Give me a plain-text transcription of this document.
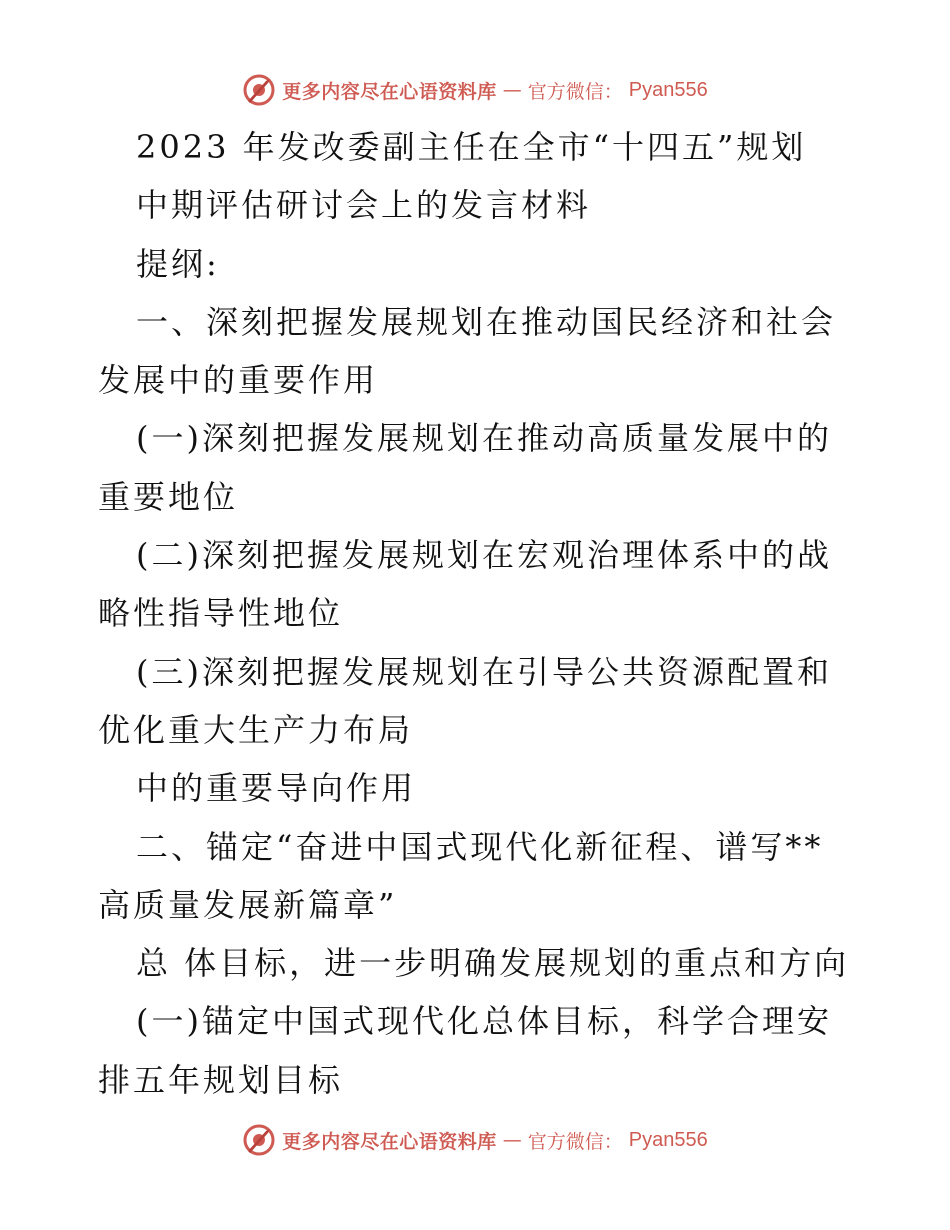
更多内容尽在心语资料库 — 官方微信： Pyan556

2023 年发改委副主任在全市“十四五”规划

中期评估研讨会上的发言材料

提纲:

一、深刻把握发展规划在推动国民经济和社会发展中的重要作用

(一)深刻把握发展规划在推动高质量发展中的重要地位

(二)深刻把握发展规划在宏观治理体系中的战略性指导性地位

(三)深刻把握发展规划在引导公共资源配置和优化重大生产力布局

中的重要导向作用

二、锚定“奋进中国式现代化新征程、谱写**高质量发展新篇章”

总 体目标，进一步明确发展规划的重点和方向

(一)锚定中国式现代化总体目标，科学合理安排五年规划目标

更多内容尽在心语资料库 — 官方微信： Pyan556
